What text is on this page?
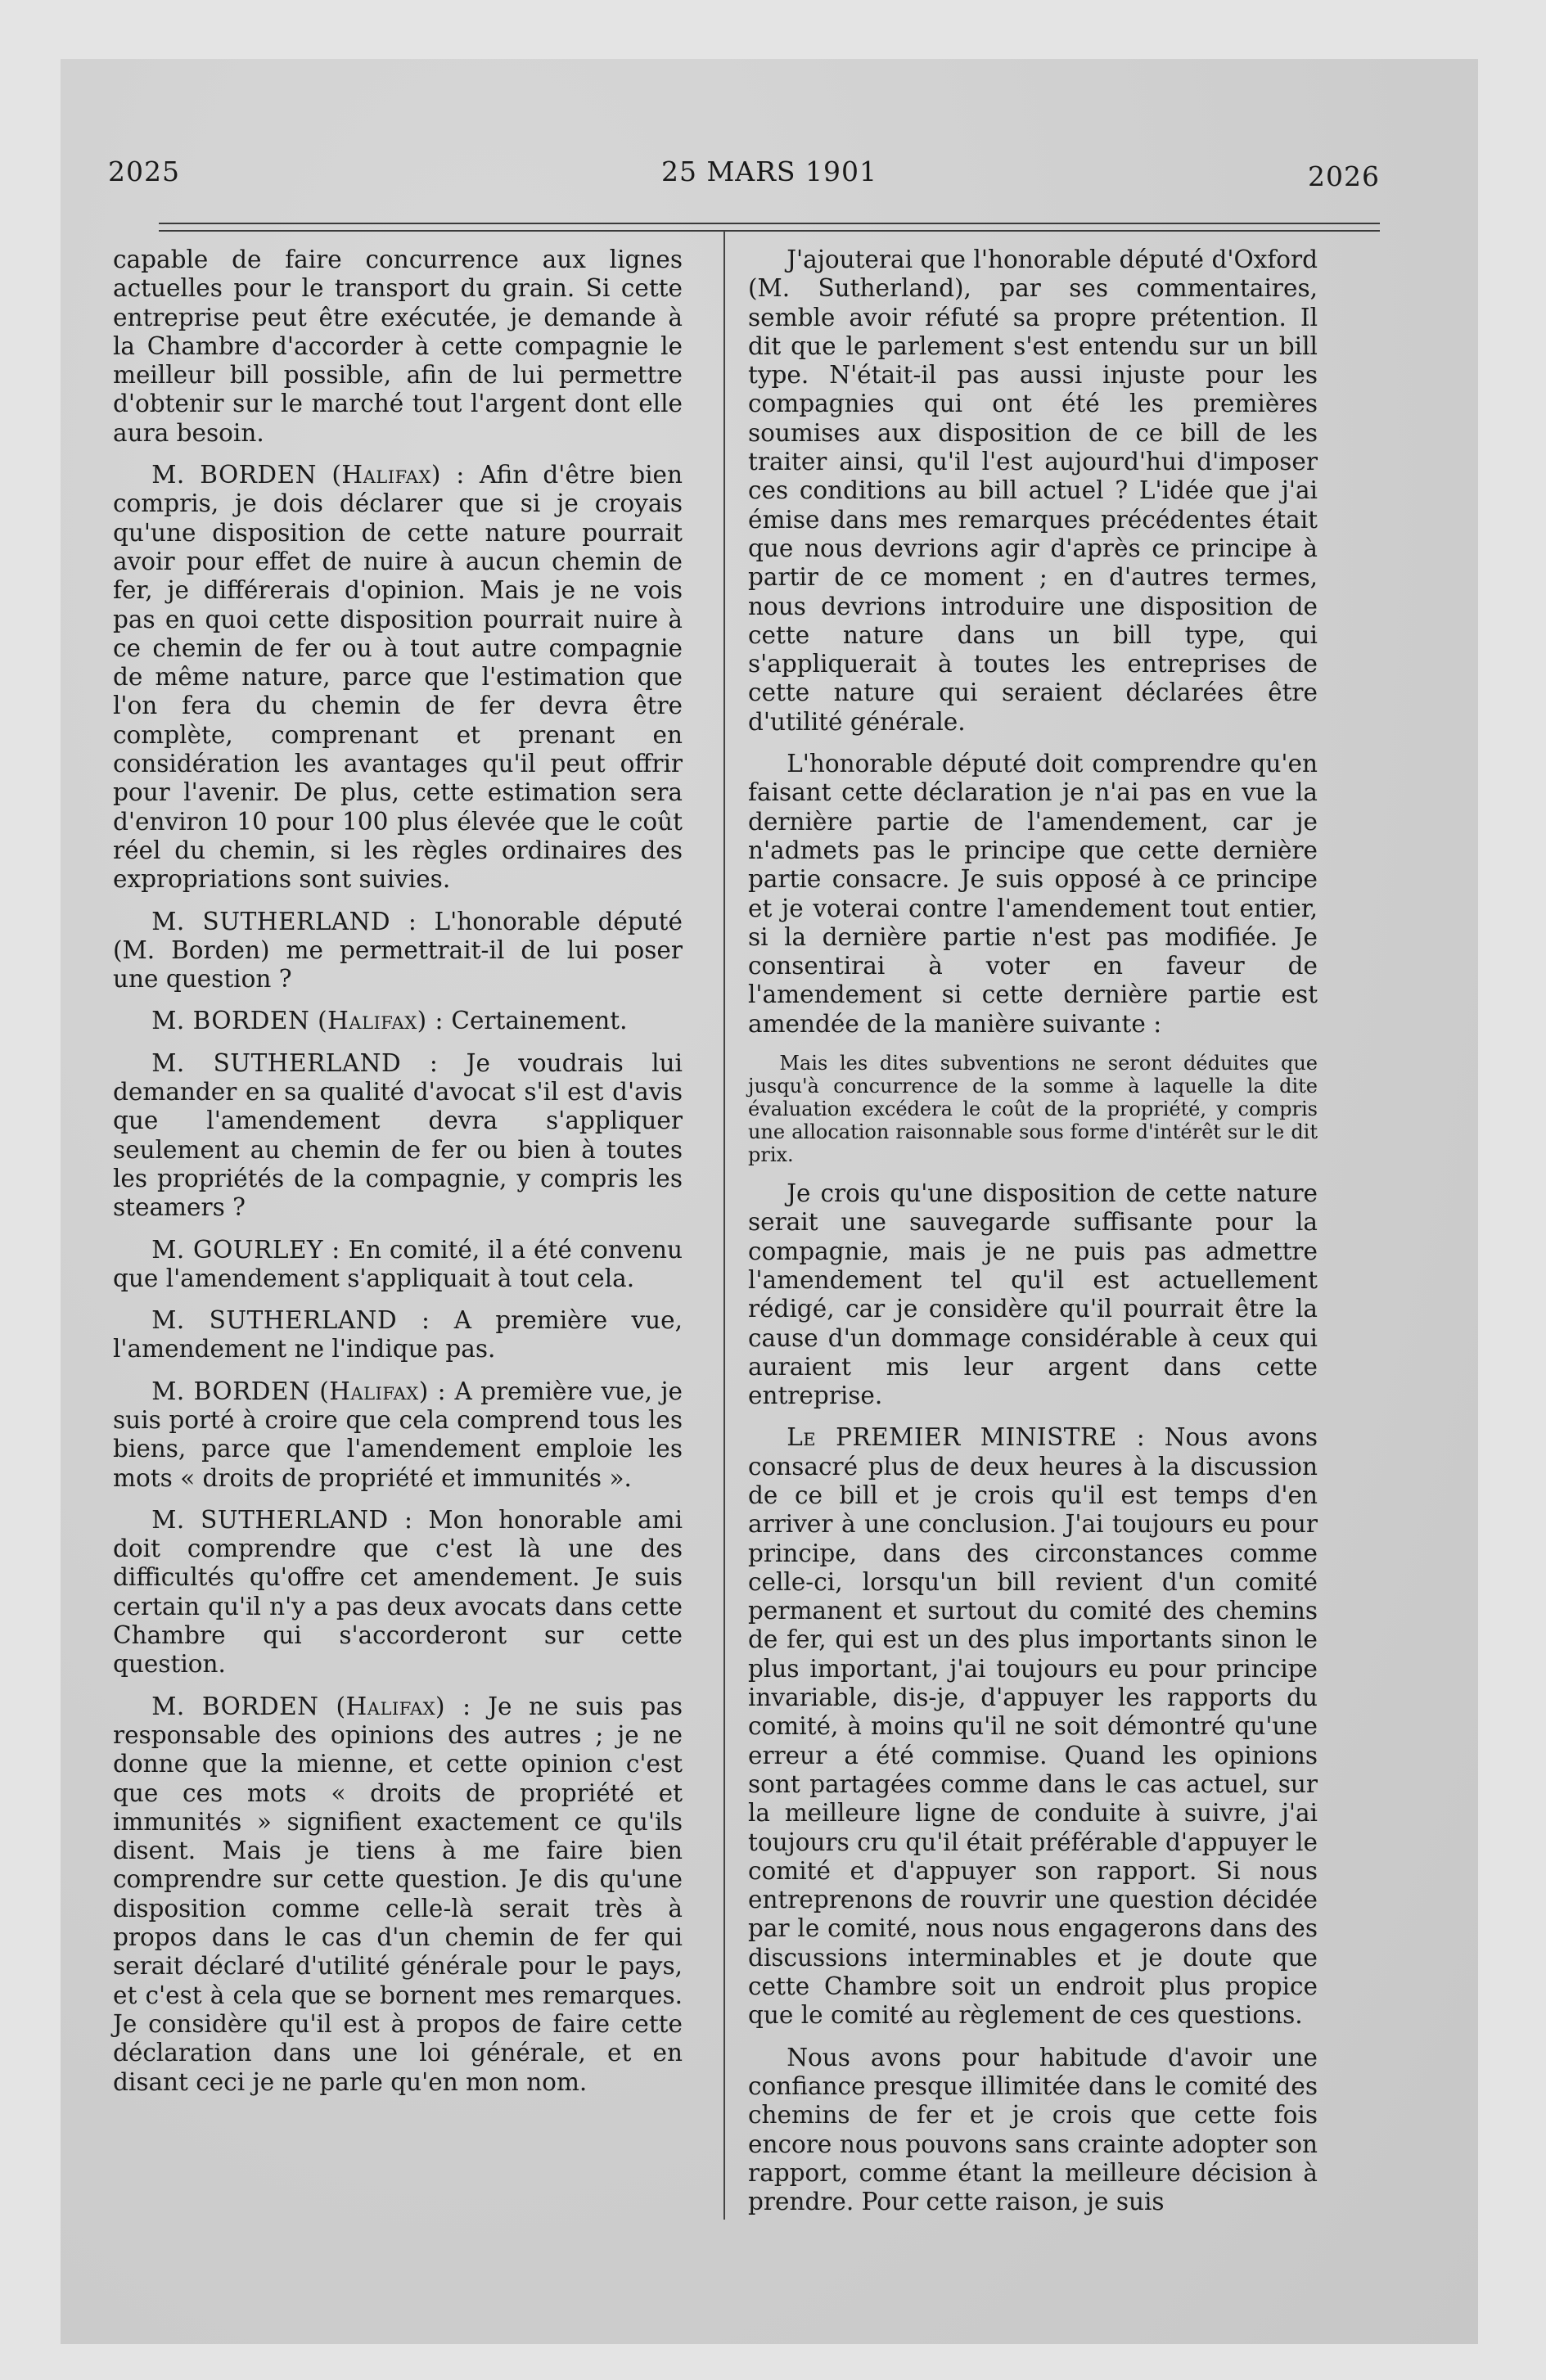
2025	25 MARS 1901	2026

capable de faire concurrence aux lignes actuelles pour le transport du grain. Si cette entreprise peut être exécutée, je demande à la Chambre d'accorder à cette compagnie le meilleur bill possible, afin de lui permettre d'obtenir sur le marché tout l'argent dont elle aura besoin.

M. BORDEN (Halifax) : Afin d'être bien compris, je dois déclarer que si je croyais qu'une disposition de cette nature pourrait avoir pour effet de nuire à aucun chemin de fer, je différerais d'opinion. Mais je ne vois pas en quoi cette disposition pourrait nuire à ce chemin de fer ou à tout autre compagnie de même nature, parce que l'estimation que l'on fera du chemin de fer devra être complète, comprenant et prenant en considération les avantages qu'il peut offrir pour l'avenir. De plus, cette estimation sera d'environ 10 pour 100 plus élevée que le coût réel du chemin, si les règles ordinaires des expropriations sont suivies.

M. SUTHERLAND : L'honorable député (M. Borden) me permettrait-il de lui poser une question ?

M. BORDEN (Halifax) : Certainement.

M. SUTHERLAND : Je voudrais lui demander en sa qualité d'avocat s'il est d'avis que l'amendement devra s'appliquer seulement au chemin de fer ou bien à toutes les propriétés de la compagnie, y compris les steamers ?

M. GOURLEY : En comité, il a été convenu que l'amendement s'appliquait à tout cela.

M. SUTHERLAND : A première vue, l'amendement ne l'indique pas.

M. BORDEN (Halifax) : A première vue, je suis porté à croire que cela comprend tous les biens, parce que l'amendement emploie les mots « droits de propriété et immunités ».

M. SUTHERLAND : Mon honorable ami doit comprendre que c'est là une des difficultés qu'offre cet amendement. Je suis certain qu'il n'y a pas deux avocats dans cette Chambre qui s'accorderont sur cette question.

M. BORDEN (Halifax) : Je ne suis pas responsable des opinions des autres ; je ne donne que la mienne, et cette opinion c'est que ces mots « droits de propriété et immunités » signifient exactement ce qu'ils disent. Mais je tiens à me faire bien comprendre sur cette question. Je dis qu'une disposition comme celle-là serait très à propos dans le cas d'un chemin de fer qui serait déclaré d'utilité générale pour le pays, et c'est à cela que se bornent mes remarques. Je considère qu'il est à propos de faire cette déclaration dans une loi générale, et en disant ceci je ne parle qu'en mon nom.

J'ajouterai que l'honorable député d'Oxford (M. Sutherland), par ses commentaires, semble avoir réfuté sa propre prétention. Il dit que le parlement s'est entendu sur un bill type. N'était-il pas aussi injuste pour les compagnies qui ont été les premières soumises aux disposition de ce bill de les traiter ainsi, qu'il l'est aujourd'hui d'imposer ces conditions au bill actuel ? L'idée que j'ai émise dans mes remarques précédentes était que nous devrions agir d'après ce principe à partir de ce moment ; en d'autres termes, nous devrions introduire une disposition de cette nature dans un bill type, qui s'appliquerait à toutes les entreprises de cette nature qui seraient déclarées être d'utilité générale.

L'honorable député doit comprendre qu'en faisant cette déclaration je n'ai pas en vue la dernière partie de l'amendement, car je n'admets pas le principe que cette dernière partie consacre. Je suis opposé à ce principe et je voterai contre l'amendement tout entier, si la dernière partie n'est pas modifiée. Je consentirai à voter en faveur de l'amendement si cette dernière partie est amendée de la manière suivante :

Mais les dites subventions ne seront déduites que jusqu'à concurrence de la somme à laquelle la dite évaluation excédera le coût de la propriété, y compris une allocation raisonnable sous forme d'intérêt sur le dit prix.

Je crois qu'une disposition de cette nature serait une sauvegarde suffisante pour la compagnie, mais je ne puis pas admettre l'amendement tel qu'il est actuellement rédigé, car je considère qu'il pourrait être la cause d'un dommage considérable à ceux qui auraient mis leur argent dans cette entreprise.

Le PREMIER MINISTRE : Nous avons consacré plus de deux heures à la discussion de ce bill et je crois qu'il est temps d'en arriver à une conclusion. J'ai toujours eu pour principe, dans des circonstances comme celle-ci, lorsqu'un bill revient d'un comité permanent et surtout du comité des chemins de fer, qui est un des plus importants sinon le plus important, j'ai toujours eu pour principe invariable, dis-je, d'appuyer les rapports du comité, à moins qu'il ne soit démontré qu'une erreur a été commise. Quand les opinions sont partagées comme dans le cas actuel, sur la meilleure ligne de conduite à suivre, j'ai toujours cru qu'il était préférable d'appuyer le comité et d'appuyer son rapport. Si nous entreprenons de rouvrir une question décidée par le comité, nous nous engagerons dans des discussions interminables et je doute que cette Chambre soit un endroit plus propice que le comité au règlement de ces questions.

Nous avons pour habitude d'avoir une confiance presque illimitée dans le comité des chemins de fer et je crois que cette fois encore nous pouvons sans crainte adopter son rapport, comme étant la meilleure décision à prendre. Pour cette raison, je suis
